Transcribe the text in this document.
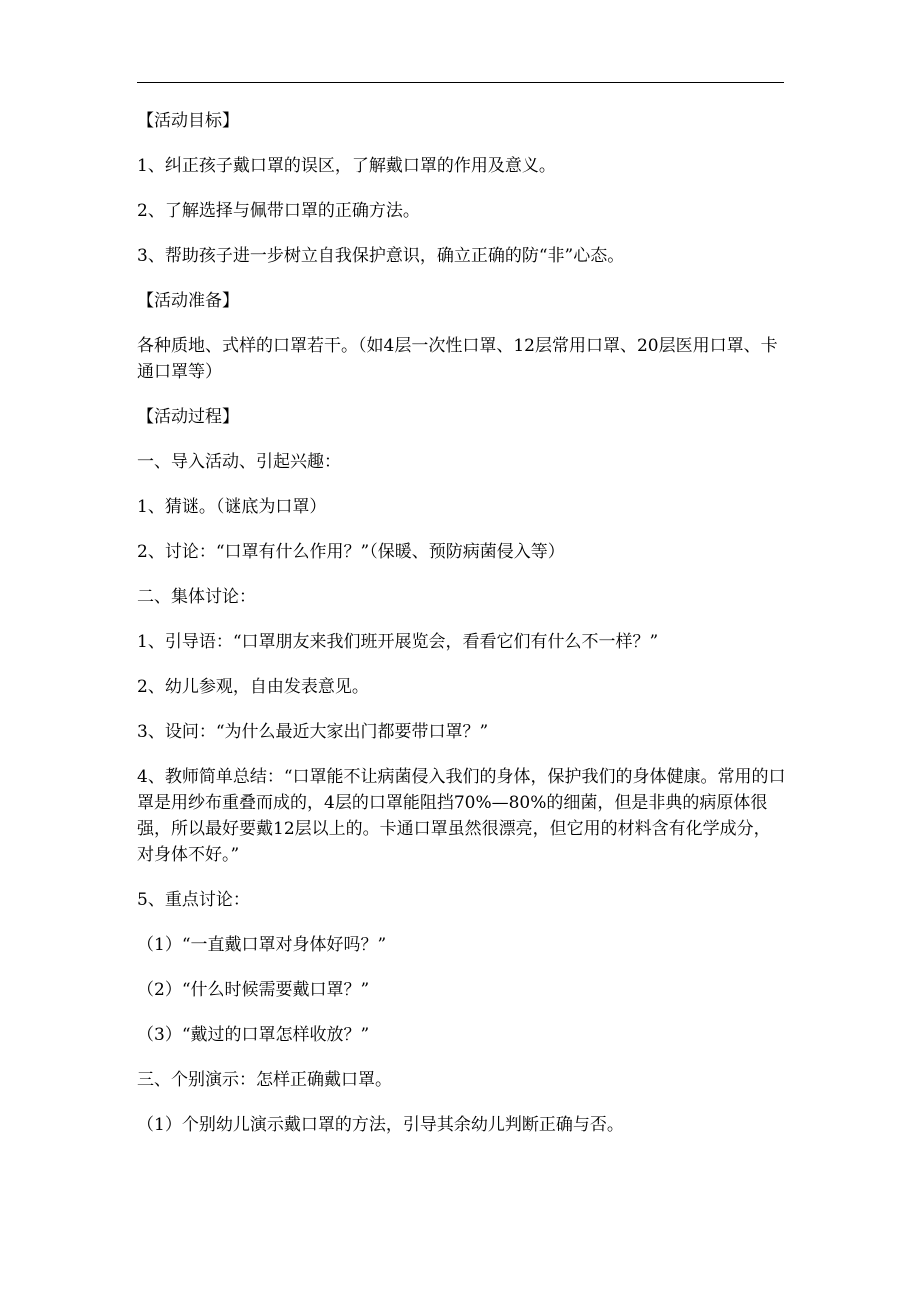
【活动目标】

1、纠正孩子戴口罩的误区，了解戴口罩的作用及意义。

2、了解选择与佩带口罩的正确方法。

3、帮助孩子进一步树立自我保护意识，确立正确的防“非”心态。

【活动准备】

各种质地、式样的口罩若干。（如4层一次性口罩、12层常用口罩、20层医用口罩、卡通口罩等）

【活动过程】

一、导入活动、引起兴趣：

1、猜谜。（谜底为口罩）

2、讨论：“口罩有什么作用？”（保暖、预防病菌侵入等）

二、集体讨论：

1、引导语：“口罩朋友来我们班开展览会，看看它们有什么不一样？”

2、幼儿参观，自由发表意见。

3、设问：“为什么最近大家出门都要带口罩？”

4、教师简单总结：“口罩能不让病菌侵入我们的身体，保护我们的身体健康。常用的口罩是用纱布重叠而成的，4层的口罩能阻挡70%—80%的细菌，但是非典的病原体很强，所以最好要戴12层以上的。卡通口罩虽然很漂亮，但它用的材料含有化学成分，对身体不好。”

5、重点讨论：

（1）“一直戴口罩对身体好吗？”

（2）“什么时候需要戴口罩？”

（3）“戴过的口罩怎样收放？”

三、个别演示：怎样正确戴口罩。

（1）个别幼儿演示戴口罩的方法，引导其余幼儿判断正确与否。
